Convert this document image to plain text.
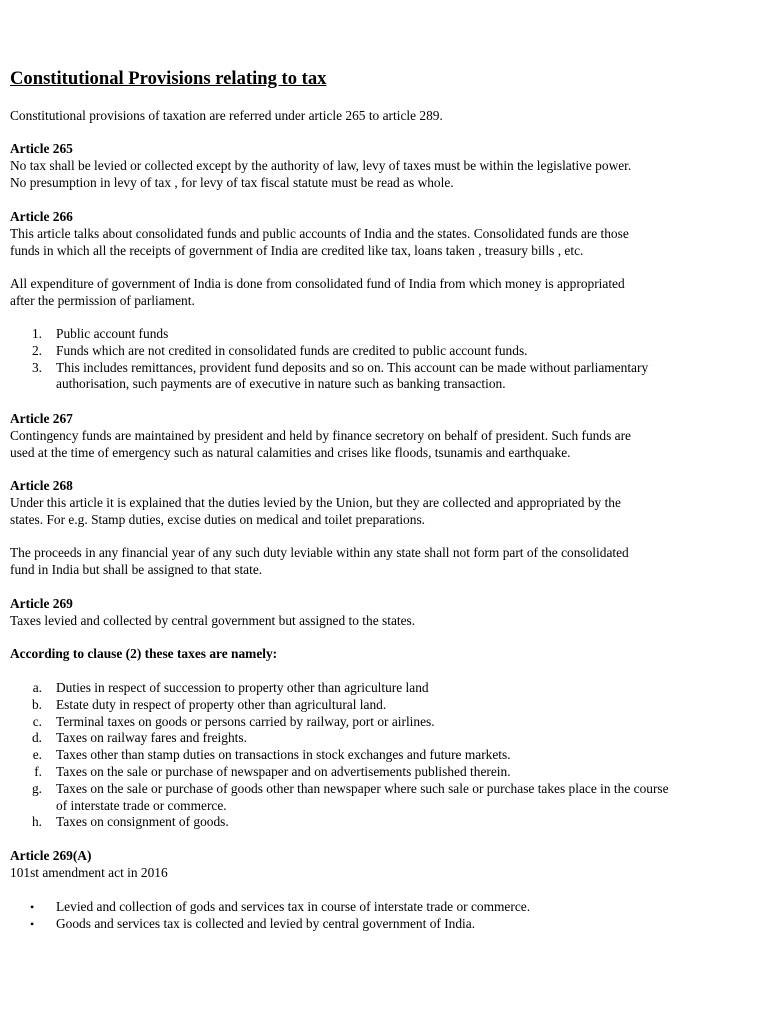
Constitutional Provisions relating to tax
Constitutional provisions of taxation are referred under article 265 to article 289.
Article 265
No tax shall be levied or collected except by the authority of law, levy of taxes must be within the legislative power.
No presumption in levy of tax , for levy of tax fiscal statute must be read as whole.
Article 266
This article talks about consolidated funds and public accounts of India and the states. Consolidated funds are those
funds in which all the receipts of government of India are credited like tax, loans taken , treasury bills , etc.
All expenditure of government of India is done from consolidated fund of India from which money is appropriated
after the permission of parliament.
1. Public account funds
2. Funds which are not credited in consolidated funds are credited to public account funds.
3. This includes remittances, provident fund deposits and so on. This account can be made without parliamentary
authorisation, such payments are of executive in nature such as banking transaction.
Article 267
Contingency funds are maintained by president and held by finance secretory on behalf of president. Such funds are
used at the time of emergency such as natural calamities and crises like floods, tsunamis and earthquake.
Article 268
Under this article it is explained that the duties levied by the Union, but they are collected and appropriated by the
states. For e.g. Stamp duties, excise duties on medical and toilet preparations.
The proceeds in any financial year of any such duty leviable within any state shall not form part of the consolidated
fund in India but shall be assigned to that state.
Article 269
Taxes levied and collected by central government but assigned to the states.
According to clause (2) these taxes are namely:
a. Duties in respect of succession to property other than agriculture land
b. Estate duty in respect of property other than agricultural land.
c. Terminal taxes on goods or persons carried by railway, port or airlines.
d. Taxes on railway fares and freights.
e. Taxes other than stamp duties on transactions in stock exchanges and future markets.
f. Taxes on the sale or purchase of newspaper and on advertisements published therein.
g. Taxes on the sale or purchase of goods other than newspaper where such sale or purchase takes place in the course
of interstate trade or commerce.
h. Taxes on consignment of goods.
Article 269(A)
101st amendment act in 2016
• Levied and collection of gods and services tax in course of interstate trade or commerce.
• Goods and services tax is collected and levied by central government of India.
